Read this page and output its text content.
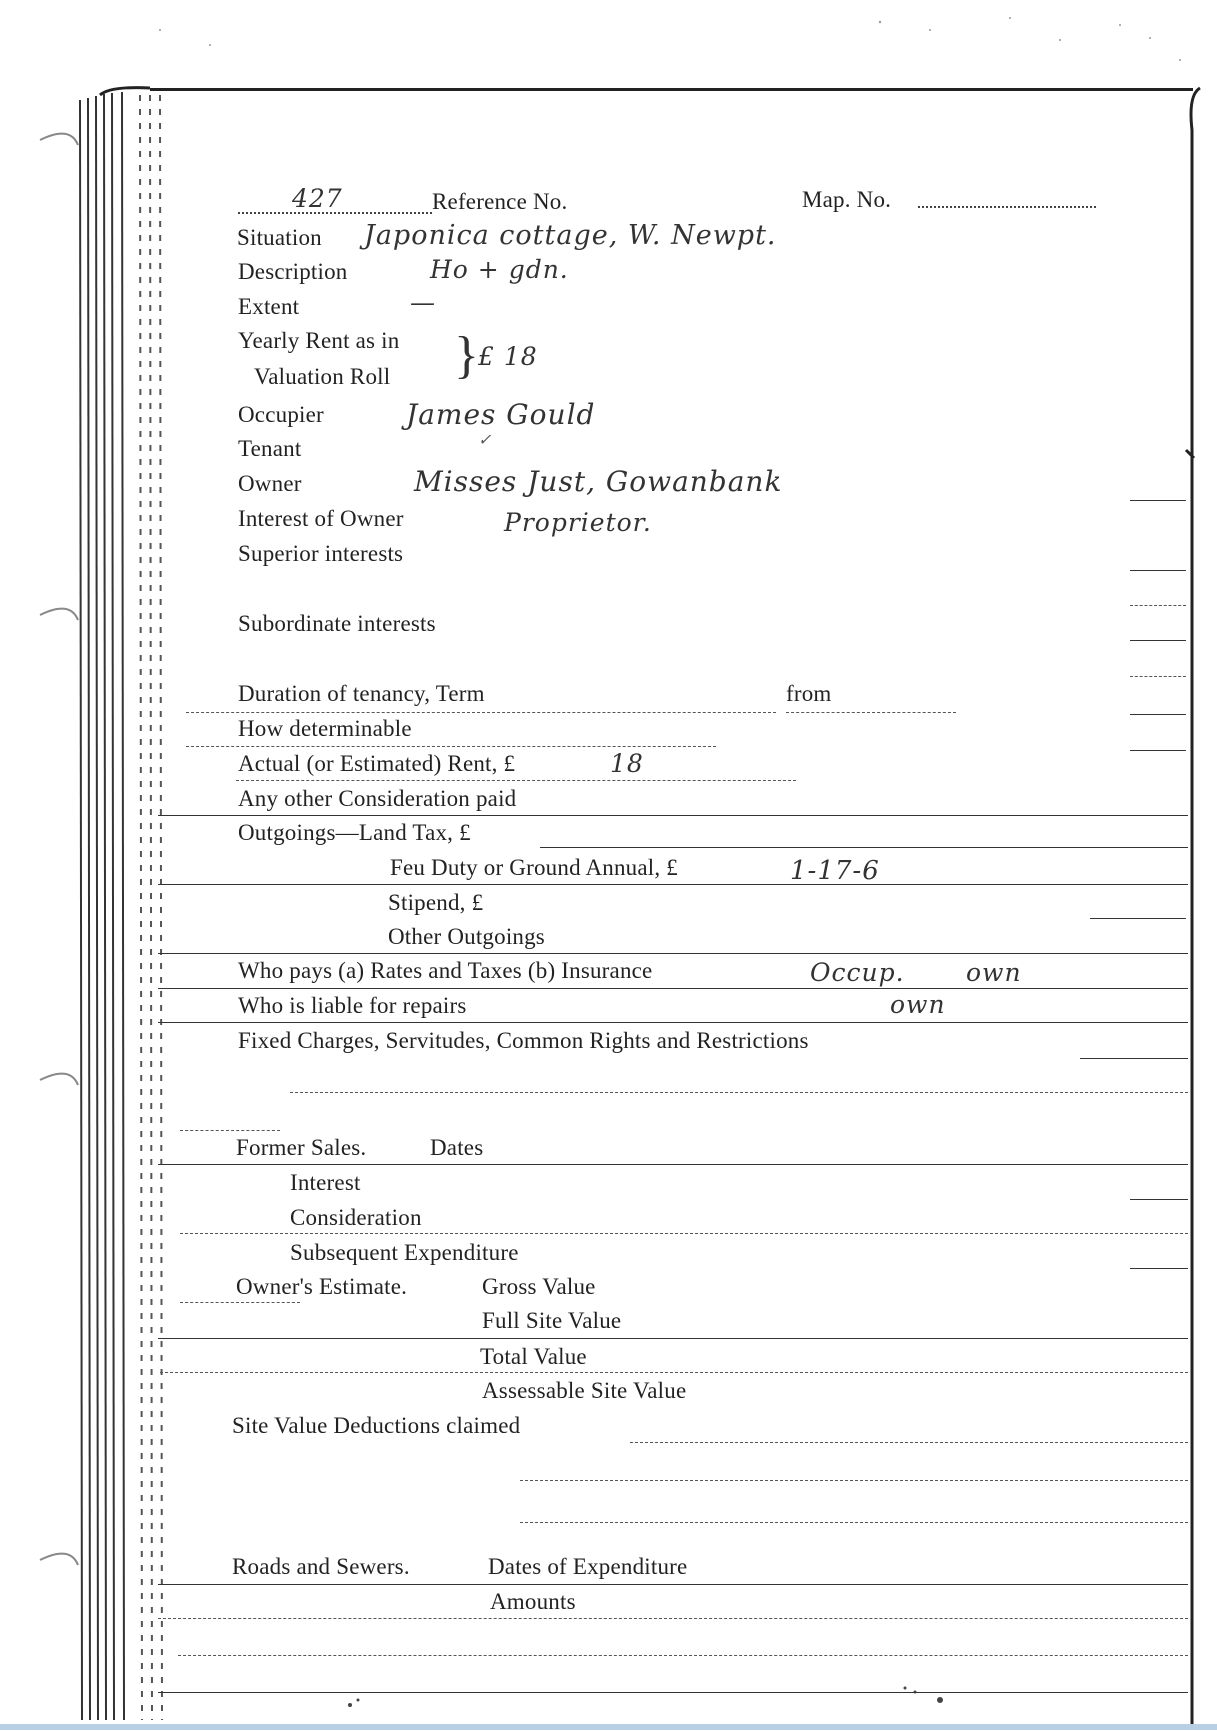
427	Reference No.	Map. No.
Situation Japonica cottage, W. Newpt.
Description	Ho + gdn.
Extent	—
Yearly Rent as in
Valuation Roll } £ 18
Occupier	James Gould
Tenant	✓
Owner	Misses Just, Gowanbank
Interest of Owner	Proprietor.
Superior interests
Subordinate interests
Duration of tenancy, Term	from
How determinable
Actual (or Estimated) Rent, £	18
Any other Consideration paid
Outgoings—Land Tax, £
Feu Duty or Ground Annual, £	1-17-6
Stipend, £
Other Outgoings
Who pays (a) Rates and Taxes (b) Insurance	Occup. own
Who is liable for repairs	own
Fixed Charges, Servitudes, Common Rights and Restrictions
Former Sales.	Dates
Interest
Consideration
Subsequent Expenditure
Owner's Estimate.	Gross Value
Full Site Value
Total Value
Assessable Site Value
Site Value Deductions claimed
Roads and Sewers.	Dates of Expenditure
Amounts
